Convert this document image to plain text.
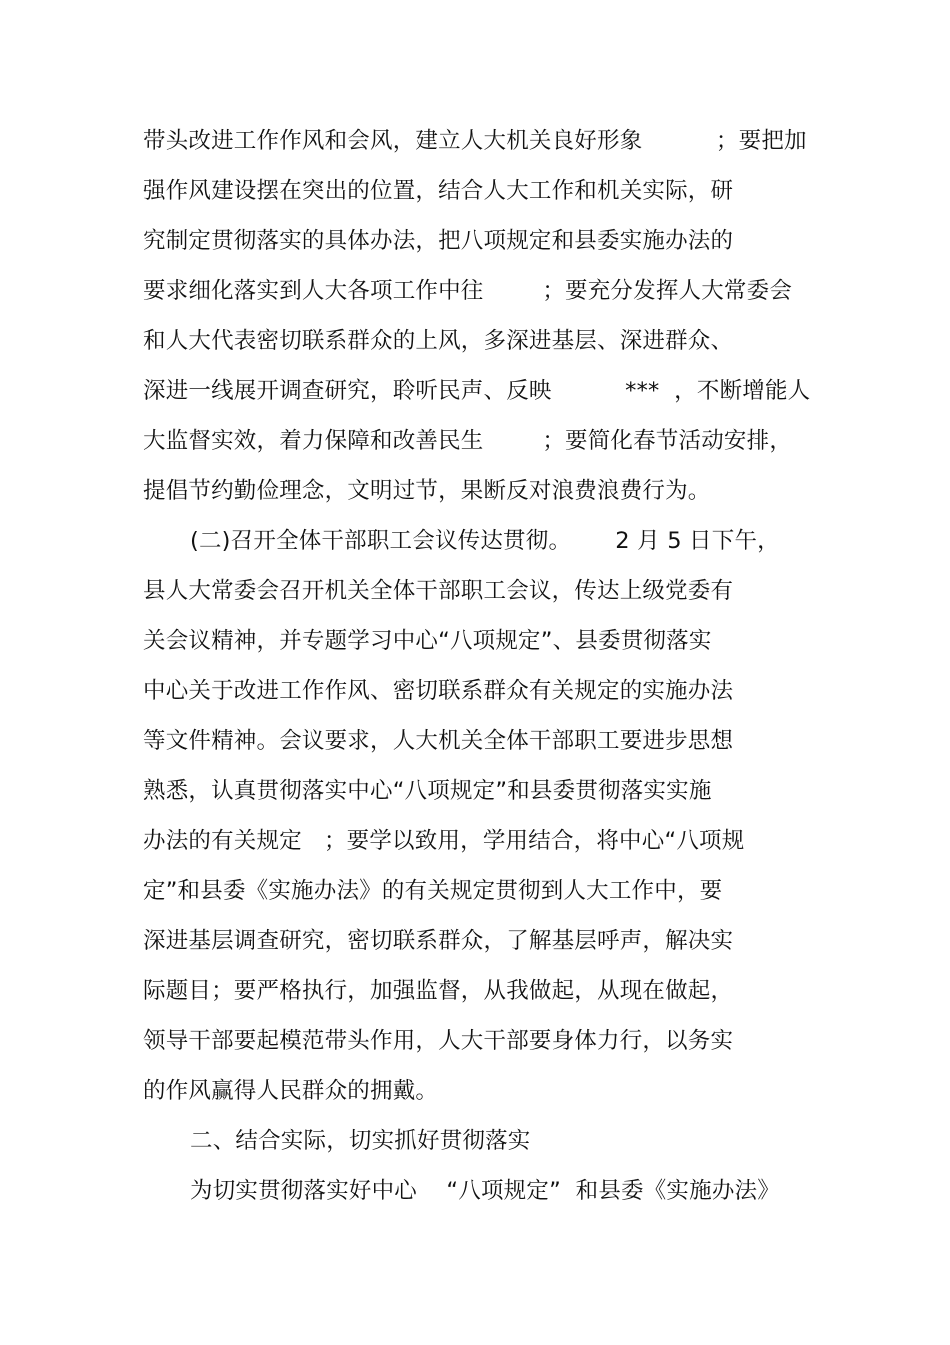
带头改进工作作风和会风，建立人大机关良好形象          ；要把加
强作风建设摆在突出的位置，结合人大工作和机关实际，研
究制定贯彻落实的具体办法，把八项规定和县委实施办法的
要求细化落实到人大各项工作中往        ；要充分发挥人大常委会
和人大代表密切联系群众的上风，多深进基层、深进群众、
深进一线展开调查研究，聆听民声、反映          ***  ，不断增能人
大监督实效，着力保障和改善民生        ；要简化春节活动安排，
提倡节约勤俭理念，文明过节，果断反对浪费浪费行为。
(二)召开全体干部职工会议传达贯彻。      2 月 5 日下午，
县人大常委会召开机关全体干部职工会议，传达上级党委有
关会议精神，并专题学习中心“八项规定”、县委贯彻落实
中心关于改进工作作风、密切联系群众有关规定的实施办法
等文件精神。会议要求，人大机关全体干部职工要进步思想
熟悉，认真贯彻落实中心“八项规定”和县委贯彻落实实施
办法的有关规定   ；要学以致用，学用结合，将中心“八项规
定”和县委《实施办法》的有关规定贯彻到人大工作中，要
深进基层调查研究，密切联系群众，了解基层呼声，解决实
际题目；要严格执行，加强监督，从我做起，从现在做起，
领导干部要起模范带头作用，人大干部要身体力行，以务实
的作风赢得人民群众的拥戴。
二、结合实际，切实抓好贯彻落实
为切实贯彻落实好中心    “八项规定”  和县委《实施办法》
